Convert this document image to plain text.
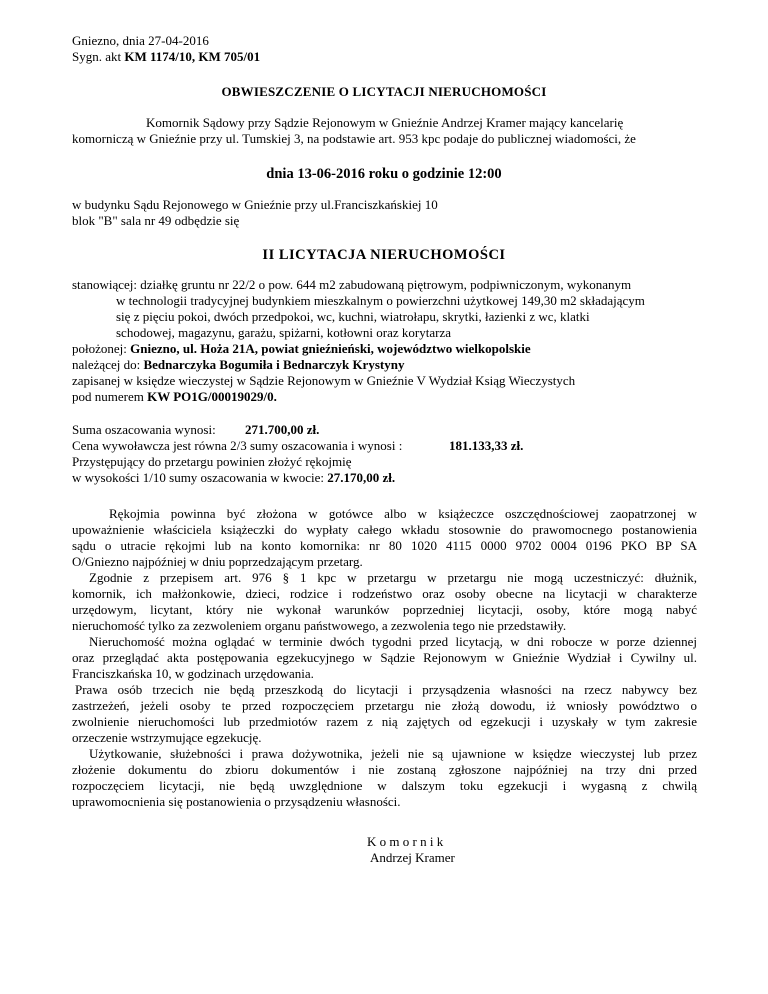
Gniezno, dnia 27-04-2016
Sygn. akt KM 1174/10, KM 705/01
OBWIESZCZENIE O LICYTACJI NIERUCHOMOŚCI
Komornik Sądowy przy Sądzie Rejonowym w Gnieźnie Andrzej Kramer mający kancelarię
komorniczą w Gnieźnie przy ul. Tumskiej 3, na podstawie art. 953 kpc podaje do publicznej wiadomości, że
dnia 13-06-2016 roku o godzinie 12:00
w budynku Sądu Rejonowego w Gnieźnie przy ul.Franciszkańskiej 10
blok "B" sala nr 49 odbędzie się
II LICYTACJA NIERUCHOMOŚCI
stanowiącej: działkę gruntu nr 22/2 o pow. 644 m2 zabudowaną piętrowym, podpiwniczonym, wykonanym
w technologii tradycyjnej budynkiem mieszkalnym o powierzchni użytkowej 149,30 m2 składającym
się z pięciu pokoi, dwóch przedpokoi, wc, kuchni, wiatrołapu, skrytki, łazienki z wc, klatki
schodowej, magazynu, garażu, spiżarni, kotłowni oraz korytarza
położonej: Gniezno, ul. Hoża 21A, powiat gnieźnieński, województwo wielkopolskie
należącej do: Bednarczyka Bogumiła i Bednarczyk Krystyny
zapisanej w księdze wieczystej w Sądzie Rejonowym w Gnieźnie V Wydział Ksiąg Wieczystych
pod numerem KW PO1G/00019029/0.
Suma oszacowania wynosi: 271.700,00 zł.
Cena wywoławcza jest równa 2/3 sumy oszacowania i wynosi :	181.133,33 zł.
Przystępujący do przetargu powinien złożyć rękojmię
w wysokości 1/10 sumy oszacowania w kwocie: 27.170,00 zł.
Rękojmia powinna być złożona w gotówce albo w książeczce oszczędnościowej zaopatrzonej w
upoważnienie właściciela książeczki do wypłaty całego wkładu stosownie do prawomocnego postanowienia
sądu o utracie rękojmi lub na konto komornika: nr 80 1020 4115 0000 9702 0004 0196 PKO BP SA
O/Gniezno najpóźniej w dniu poprzedzającym przetarg.
Zgodnie z przepisem art. 976 § 1 kpc w przetargu w przetargu nie mogą uczestniczyć: dłużnik,
komornik, ich małżonkowie, dzieci, rodzice i rodzeństwo oraz osoby obecne na licytacji w charakterze
urzędowym, licytant, który nie wykonał warunków poprzedniej licytacji, osoby, które mogą nabyć
nieruchomość tylko za zezwoleniem organu państwowego, a zezwolenia tego nie przedstawiły.
Nieruchomość można oglądać w terminie dwóch tygodni przed licytacją, w dni robocze w porze dziennej
oraz przeglądać akta postępowania egzekucyjnego w Sądzie Rejonowym w Gnieźnie Wydział i Cywilny ul.
Franciszkańska 10, w godzinach urzędowania.
Prawa osób trzecich nie będą przeszkodą do licytacji i przysądzenia własności na rzecz nabywcy bez
zastrzeżeń, jeżeli osoby te przed rozpoczęciem przetargu nie złożą dowodu, iż wniosły powództwo o
zwolnienie nieruchomości lub przedmiotów razem z nią zajętych od egzekucji i uzyskały w tym zakresie
orzeczenie wstrzymujące egzekucję.
Użytkowanie, służebności i prawa dożywotnika, jeżeli nie są ujawnione w księdze wieczystej lub przez
złożenie dokumentu do zbioru dokumentów i nie zostaną zgłoszone najpóźniej na trzy dni przed
rozpoczęciem licytacji, nie będą uwzględnione w dalszym toku egzekucji i wygasną z chwilą
uprawomocnienia się postanowienia o przysądzeniu własności.
K o m o r n i k
Andrzej Kramer
